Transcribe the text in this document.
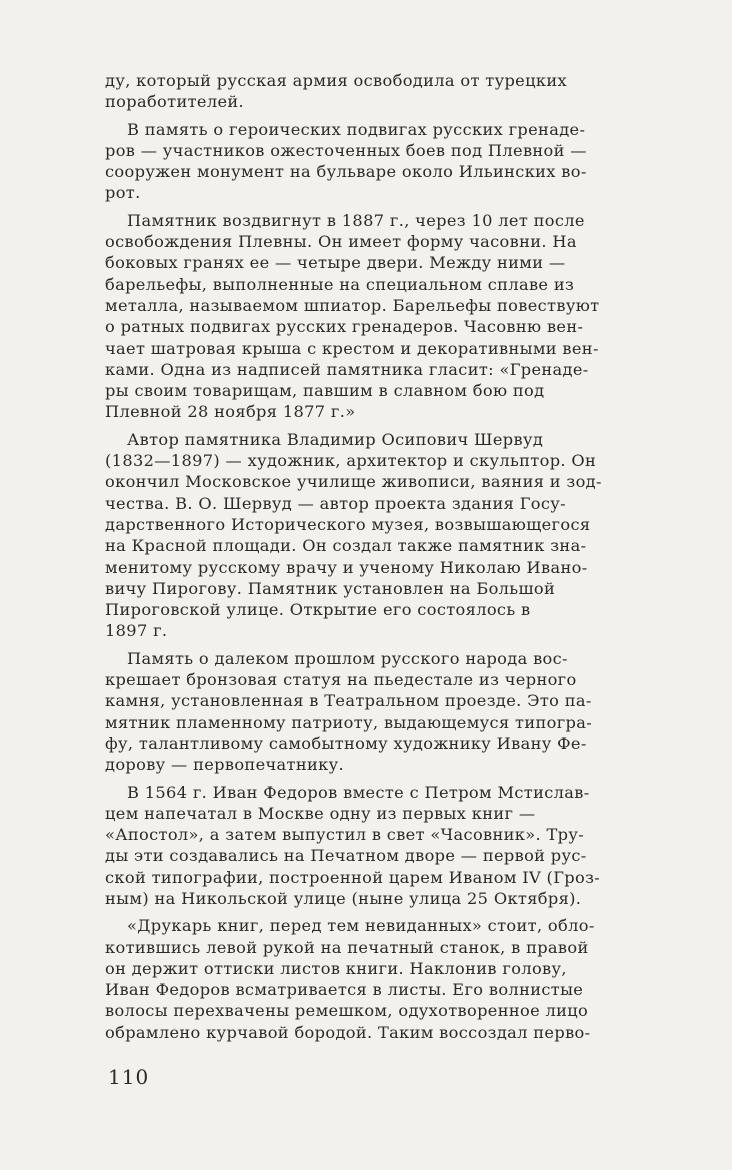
ду, который русская армия освободила от турецких
поработителей.

В память о героических подвигах русских гренаде-
ров — участников ожесточенных боев под Плевной —
сооружен монумент на бульваре около Ильинских во-
рот.

Памятник воздвигнут в 1887 г., через 10 лет после
освобождения Плевны. Он имеет форму часовни. На
боковых гранях ее — четыре двери. Между ними —
барельефы, выполненные на специальном сплаве из
металла, называемом шпиатор. Барельефы повествуют
о ратных подвигах русских гренадеров. Часовню вен-
чает шатровая крыша с крестом и декоративными вен-
ками. Одна из надписей памятника гласит: «Гренаде-
ры своим товарищам, павшим в славном бою под
Плевной 28 ноября 1877 г.»

Автор памятника Владимир Осипович Шервуд
(1832—1897) — художник, архитектор и скульптор. Он
окончил Московское училище живописи, ваяния и зод-
чества. В. О. Шервуд — автор проекта здания Госу-
дарственного Исторического музея, возвышающегося
на Красной площади. Он создал также памятник зна-
менитому русскому врачу и ученому Николаю Ивано-
вичу Пирогову. Памятник установлен на Большой
Пироговской улице. Открытие его состоялось в
1897 г.

Память о далеком прошлом русского народа вос-
крешает бронзовая статуя на пьедестале из черного
камня, установленная в Театральном проезде. Это па-
мятник пламенному патриоту, выдающемуся типогра-
фу, талантливому самобытному художнику Ивану Фе-
дорову — первопечатнику.

В 1564 г. Иван Федоров вместе с Петром Мстислав-
цем напечатал в Москве одну из первых книг —
«Апостол», а затем выпустил в свет «Часовник». Тру-
ды эти создавались на Печатном дворе — первой рус-
ской типографии, построенной царем Иваном IV (Гроз-
ным) на Никольской улице (ныне улица 25 Октября).

«Друкарь книг, перед тем невиданных» стоит, обло-
котившись левой рукой на печатный станок, в правой
он держит оттиски листов книги. Наклонив голову,
Иван Федоров всматривается в листы. Его волнистые
волосы перехвачены ремешком, одухотворенное лицо
обрамлено курчавой бородой. Таким воссоздал перво-

110
